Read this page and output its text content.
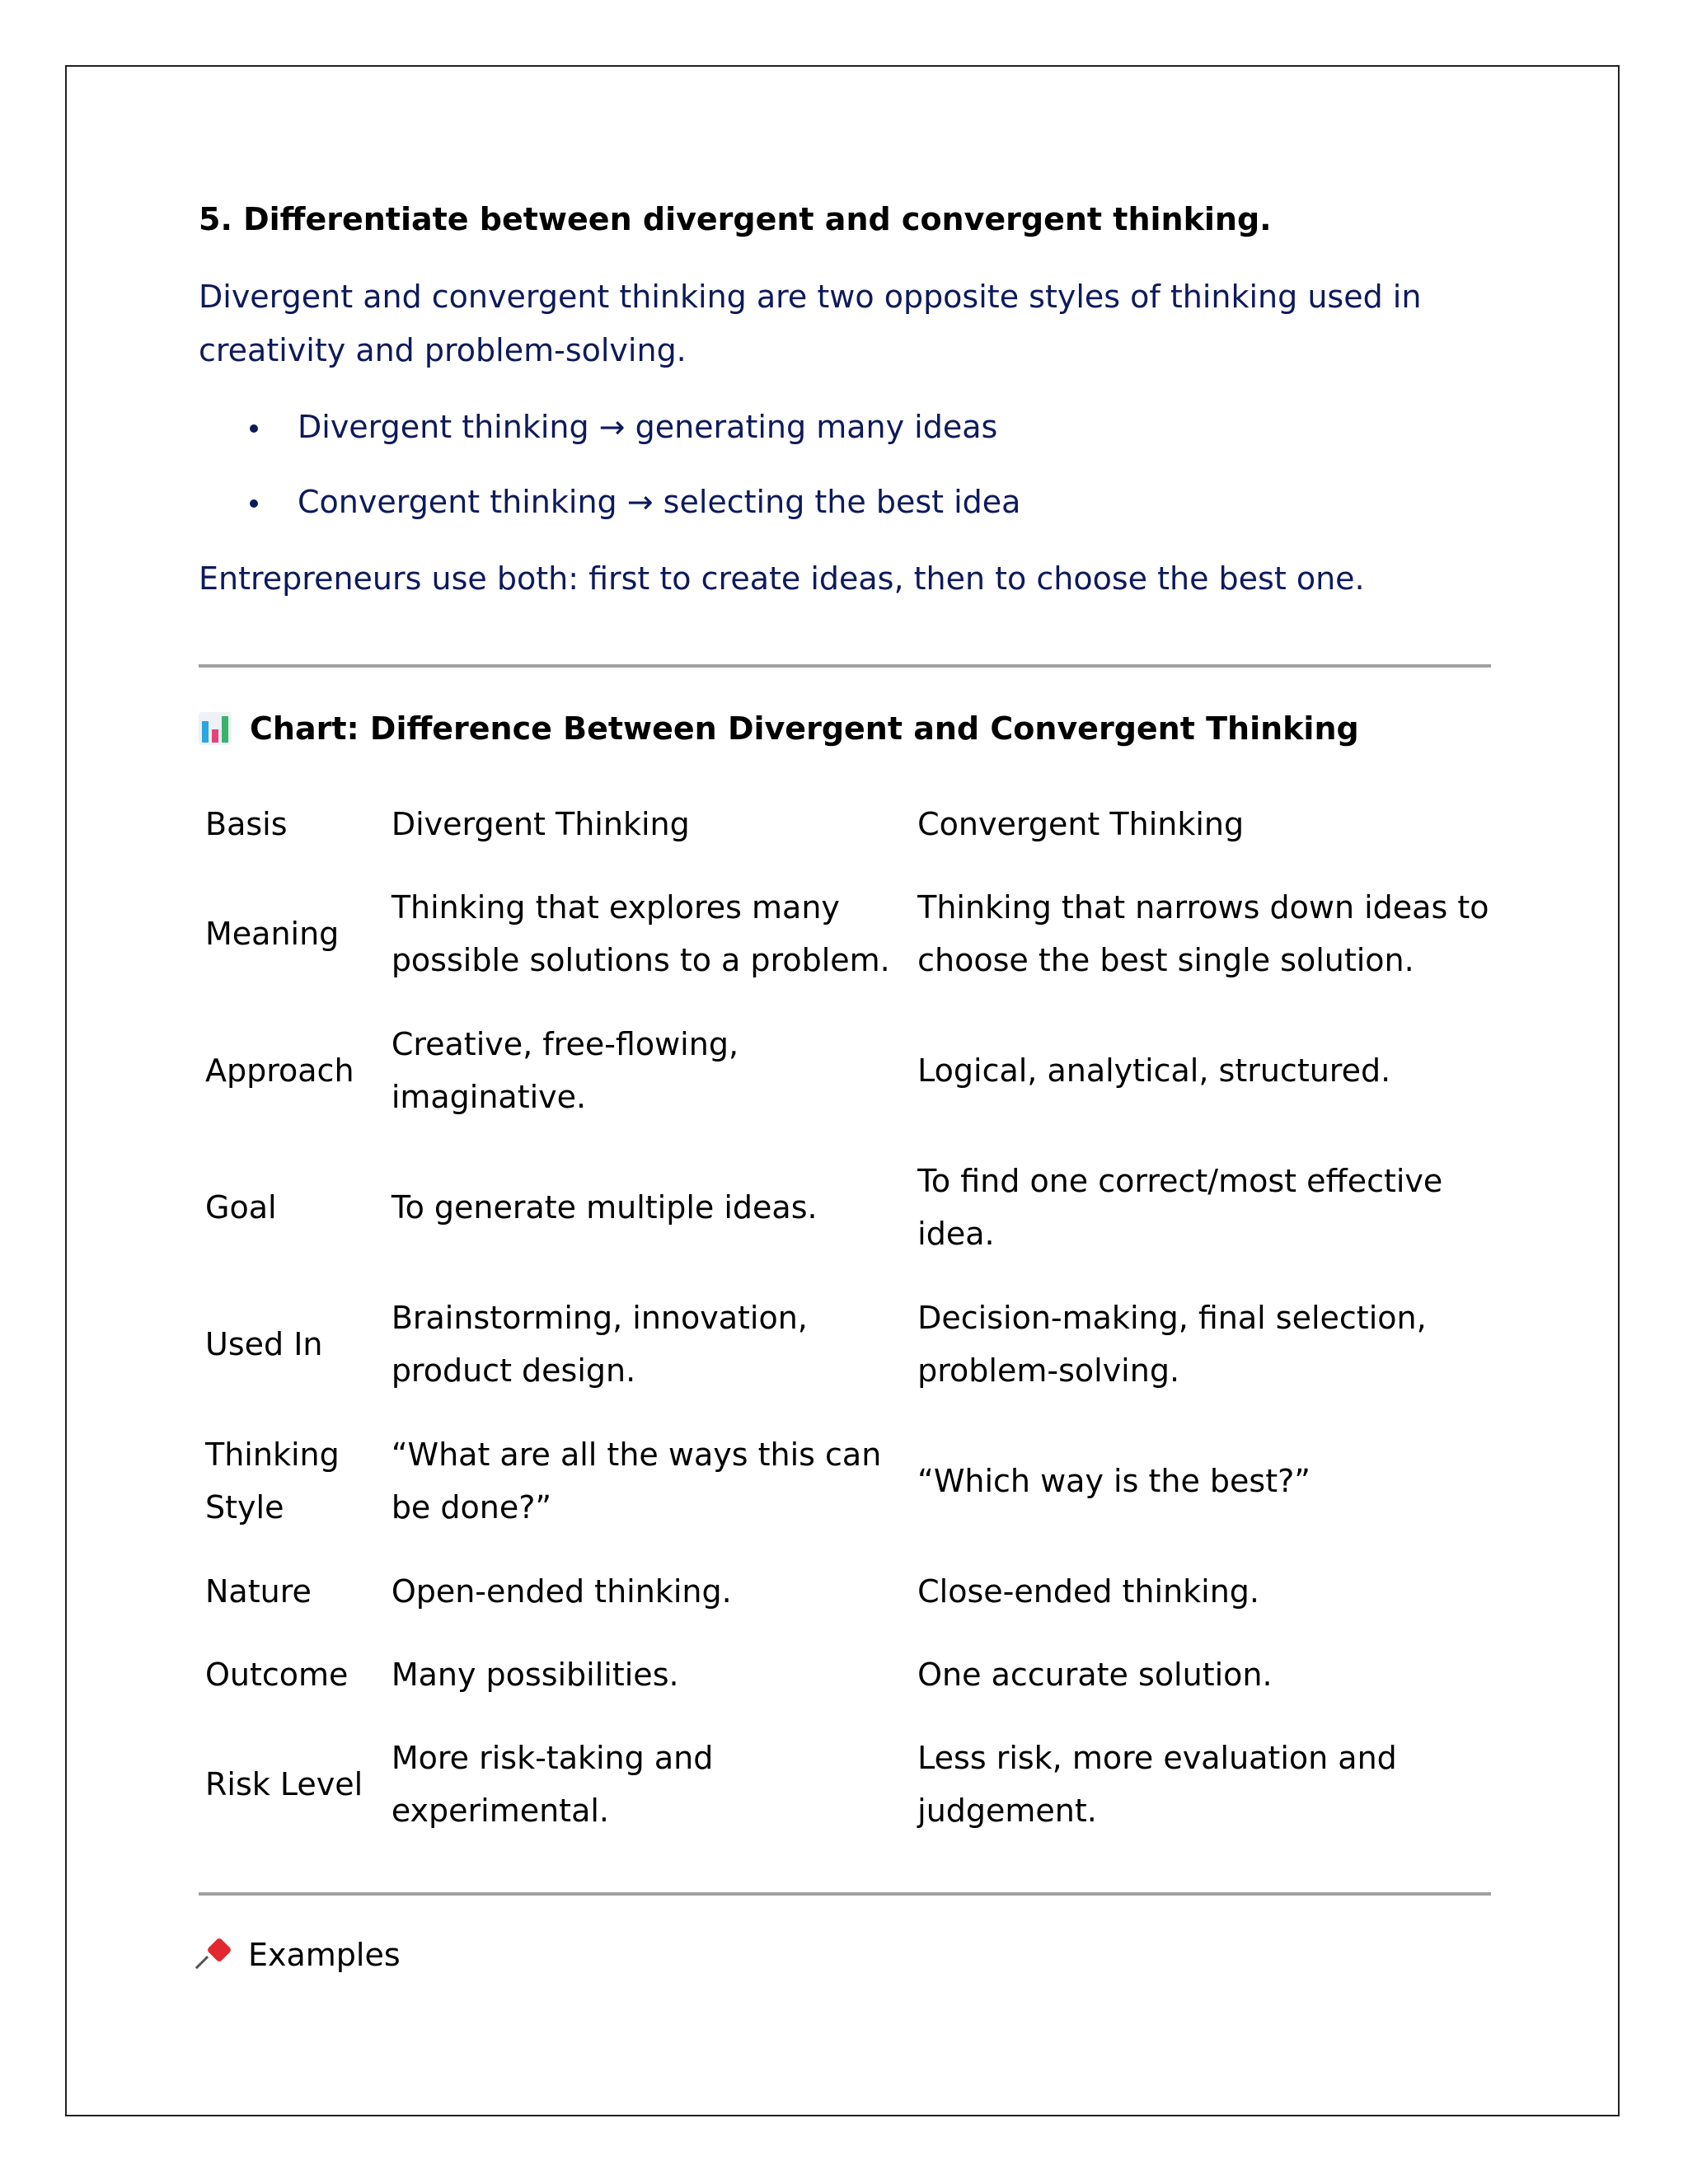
5. Differentiate between divergent and convergent thinking.
Divergent and convergent thinking are two opposite styles of thinking used in creativity and problem-solving.
Divergent thinking → generating many ideas
Convergent thinking → selecting the best idea
Entrepreneurs use both: first to create ideas, then to choose the best one.
Chart: Difference Between Divergent and Convergent Thinking
Basis	Divergent Thinking	Convergent Thinking
Meaning	Thinking that explores many possible solutions to a problem.	Thinking that narrows down ideas to choose the best single solution.
Approach	Creative, free-flowing, imaginative.	Logical, analytical, structured.
Goal	To generate multiple ideas.	To find one correct/most effective idea.
Used In	Brainstorming, innovation, product design.	Decision-making, final selection, problem-solving.
Thinking Style	“What are all the ways this can be done?”	“Which way is the best?”
Nature	Open-ended thinking.	Close-ended thinking.
Outcome	Many possibilities.	One accurate solution.
Risk Level	More risk-taking and experimental.	Less risk, more evaluation and judgement.
Examples
